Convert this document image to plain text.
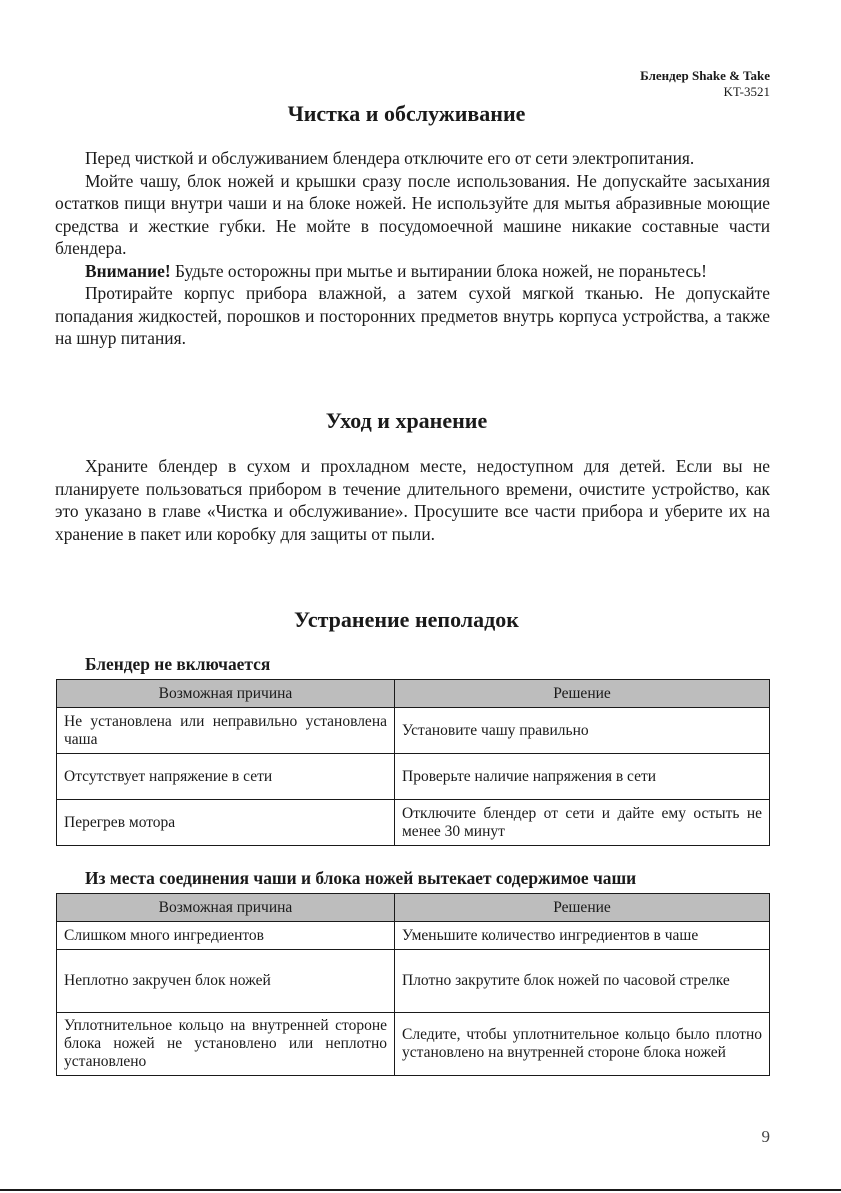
Блендер Shake & Take
KT-3521
Чистка и обслуживание

Перед чисткой и обслуживанием блендера отключите его от сети электропитания.

Мойте чашу, блок ножей и крышки сразу после использования. Не допускайте засыхания остатков пищи внутри чаши и на блоке ножей. Не используйте для мытья абразивные моющие средства и жесткие губки. Не мойте в посудомоечной машине никакие составные части блендера.

Внимание! Будьте осторожны при мытье и вытирании блока ножей, не пораньтесь!

Протирайте корпус прибора влажной, а затем сухой мягкой тканью. Не допускайте попадания жидкостей, порошков и посторонних предметов внутрь корпуса устройства, а также на шнур питания.

Уход и хранение

Храните блендер в сухом и прохладном месте, недоступном для детей. Если вы не планируете пользоваться прибором в течение длительного времени, очистите устройство, как это указано в главе «Чистка и обслуживание». Просушите все части прибора и уберите их на хранение в пакет или коробку для защиты от пыли.

Устранение неполадок
Блендер не включается
Возможная причина	Решение
Не установлена или неправильно установлена чаша	Установите чашу правильно
Отсутствует напряжение в сети	Проверьте наличие напряжения в сети
Перегрев мотора	Отключите блендер от сети и дайте ему остыть не менее 30 минут
Из места соединения чаши и блока ножей вытекает содержимое чаши
Возможная причина	Решение
Слишком много ингредиентов	Уменьшите количество ингредиентов в чаше
Неплотно закручен блок ножей	Плотно закрутите блок ножей по часовой стрелке
Уплотнительное кольцо на внутренней стороне блока ножей не установлено или неплотно установлено	Следите, чтобы уплотнительное кольцо было плотно установлено на внутренней стороне блока ножей
9
